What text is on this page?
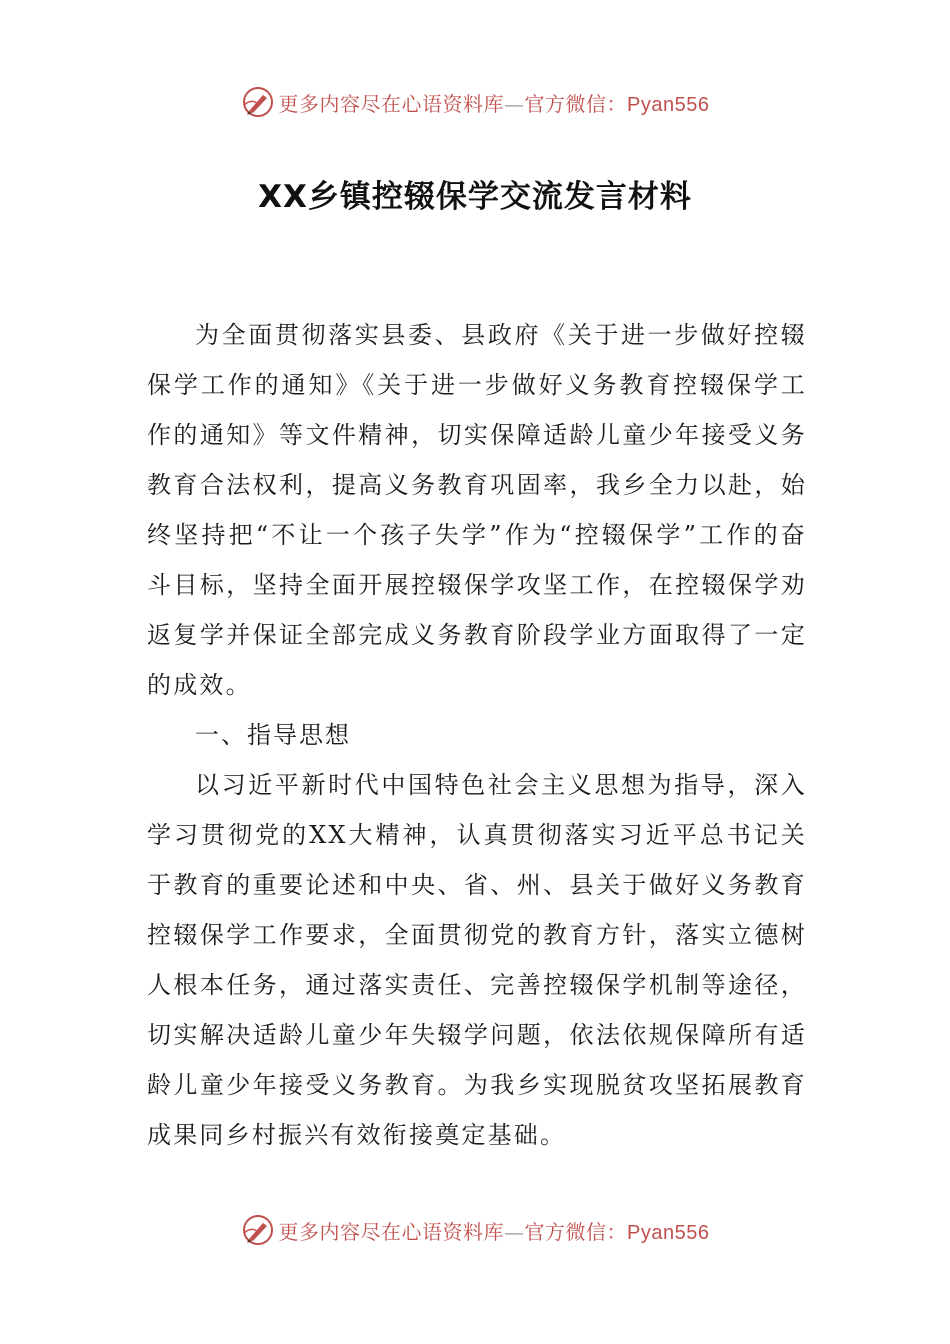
更多内容尽在心语资料库—官方微信：Pyan556
XX乡镇控辍保学交流发言材料

为全面贯彻落实县委、县政府《关于进一步做好控辍保学工作的通知》《关于进一步做好义务教育控辍保学工作的通知》等文件精神，切实保障适龄儿童少年接受义务教育合法权利，提高义务教育巩固率，我乡全力以赴，始终坚持把“不让一个孩子失学”作为“控辍保学”工作的奋斗目标，坚持全面开展控辍保学攻坚工作，在控辍保学劝返复学并保证全部完成义务教育阶段学业方面取得了一定的成效。

一、指导思想

以习近平新时代中国特色社会主义思想为指导，深入学习贯彻党的XX大精神，认真贯彻落实习近平总书记关于教育的重要论述和中央、省、州、县关于做好义务教育控辍保学工作要求，全面贯彻党的教育方针，落实立德树人根本任务，通过落实责任、完善控辍保学机制等途径，切实解决适龄儿童少年失辍学问题，依法依规保障所有适龄儿童少年接受义务教育。为我乡实现脱贫攻坚拓展教育成果同乡村振兴有效衔接奠定基础。

更多内容尽在心语资料库—官方微信：Pyan556
